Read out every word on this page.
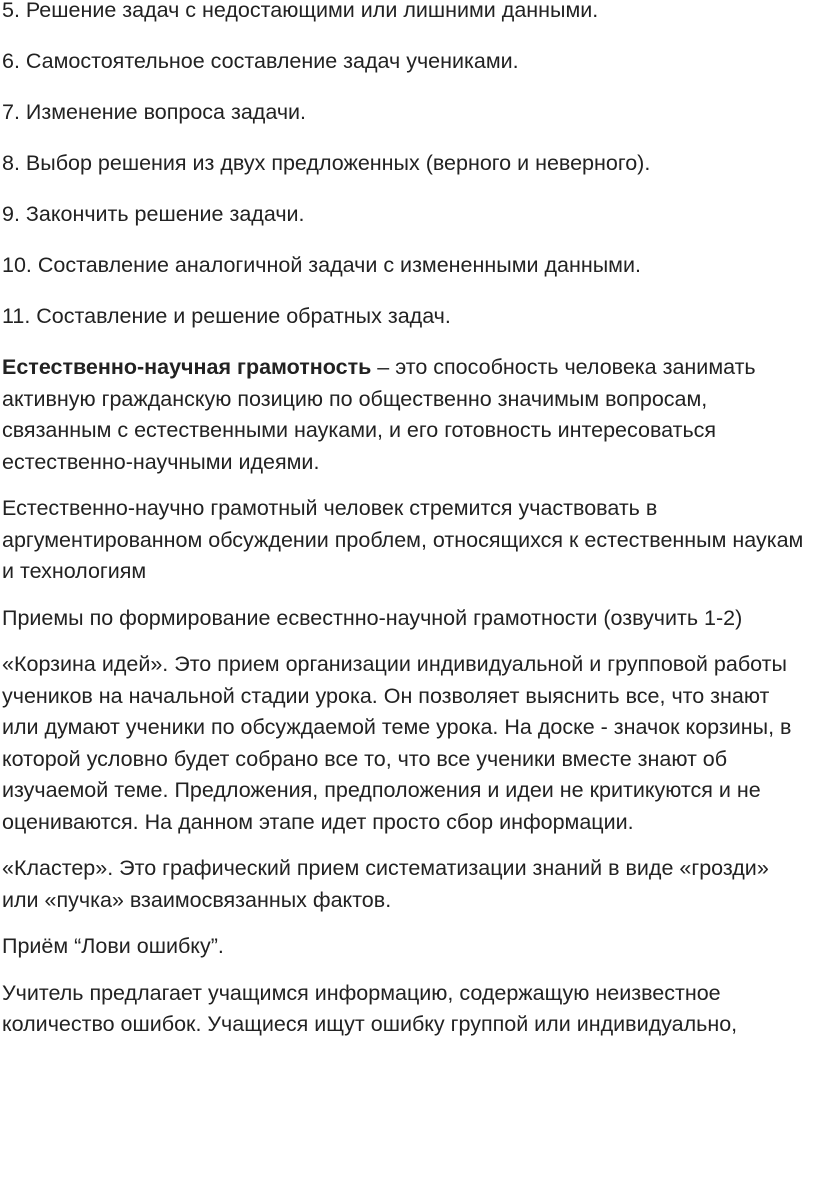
5. Решение задач с недостающими или лишними данными.

6. Самостоятельное составление задач учениками.

7. Изменение вопроса задачи.

8. Выбор решения из двух предложенных (верного и неверного).

9. Закончить решение задачи.

10. Составление аналогичной задачи с измененными данными.

11. Составление и решение обратных задач.

Естественно-научная грамотность – это способность человека занимать активную гражданскую позицию по общественно значимым вопросам, связанным с естественными науками, и его готовность интересоваться естественно-научными идеями.

Естественно-научно грамотный человек стремится участвовать в аргументированном обсуждении проблем, относящихся к естественным наукам и технологиям

Приемы по формирование есвестнно-научной грамотности (озвучить 1-2)

«Корзина идей». Это прием организации индивидуальной и групповой работы учеников на начальной стадии урока. Он позволяет выяснить все, что знают или думают ученики по обсуждаемой теме урока. На доске - значок корзины, в которой условно будет собрано все то, что все ученики вместе знают об изучаемой теме. Предложения, предположения и идеи не критикуются и не оцениваются. На данном этапе идет просто сбор информации.

«Кластер». Это графический прием систематизации знаний в виде «грозди» или «пучка» взаимосвязанных фактов.

Приём “Лови ошибку”.

Учитель предлагает учащимся информацию, содержащую неизвестное количество ошибок. Учащиеся ищут ошибку группой или индивидуально,
